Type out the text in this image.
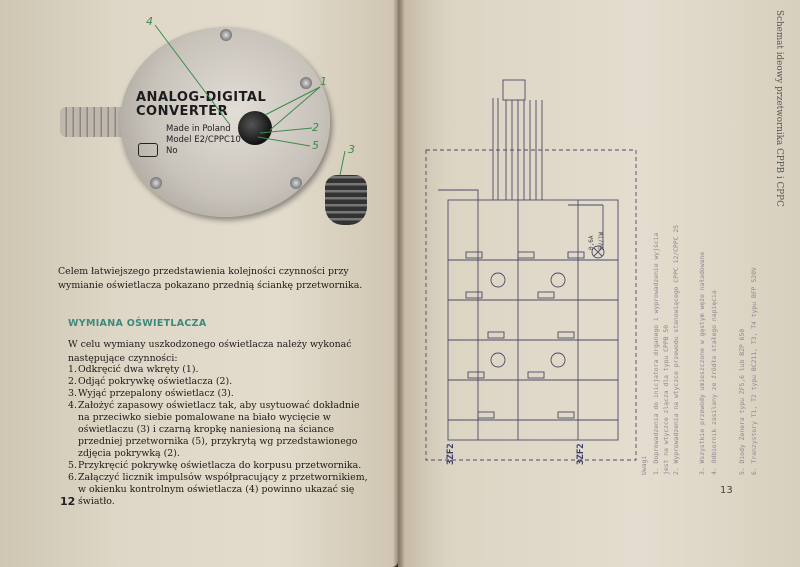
ANALOG-DIGITAL
CONVERTER
Made in Poland
Model E2/CPPC10
No
4
1
2
5	3
Celem łatwiejszego przedstawienia kolejności czynności przy wymianie oświetlacza pokazano przednią ściankę przetwornika.
WYMIANA OŚWIETLACZA
W celu wymiany uszkodzonego oświetlacza należy wykonać następujące czynności:
1. Odkręcić dwa wkręty (1).
2. Odjąć pokrywkę oświetlacza (2).
3. Wyjąć przepalony oświetlacz (3).
4. Założyć zapasowy oświetlacz tak, aby usytuować dokładnie na przeciwko siebie pomalowane na biało wycięcie w oświetlaczu (3) i czarną kropkę naniesioną na ściance przedniej przetwornika (5), przykrytą wg przedstawionego zdjęcia pokrywką (2).
5. Przykręcić pokrywkę oświetlacza do korpusu przetwornika.
6. Załączyć licznik impulsów współpracujący z przetwornikiem, w okienku kontrolnym oświetlacza (4) powinno ukazać się światło.
12
3ZF2	3ZF2
0,6A 5V/1W
Uwagi 1. Doprowadzenia do inicjatora drganego i wyprowadzenie wyjścia jest na wtyczce zlącza dla typu CPPB 50 2. Wyprowadzenia na wtyczce przewodu stanowiącego CPPC 12/CPPC 25	3. Wszystkie przewody umieszczone w gęstym węże naładowane 4. Odbiornik zasilany ze źródła stałego napięcia	5. Diody Zenera typu ZF5,6 lub BZP 650 6. Tranzystory T1, T2 typu BC211, T3, T4 typu BFP 520V
Schemat ideowy przetwornika CPPB i CPPC
13
